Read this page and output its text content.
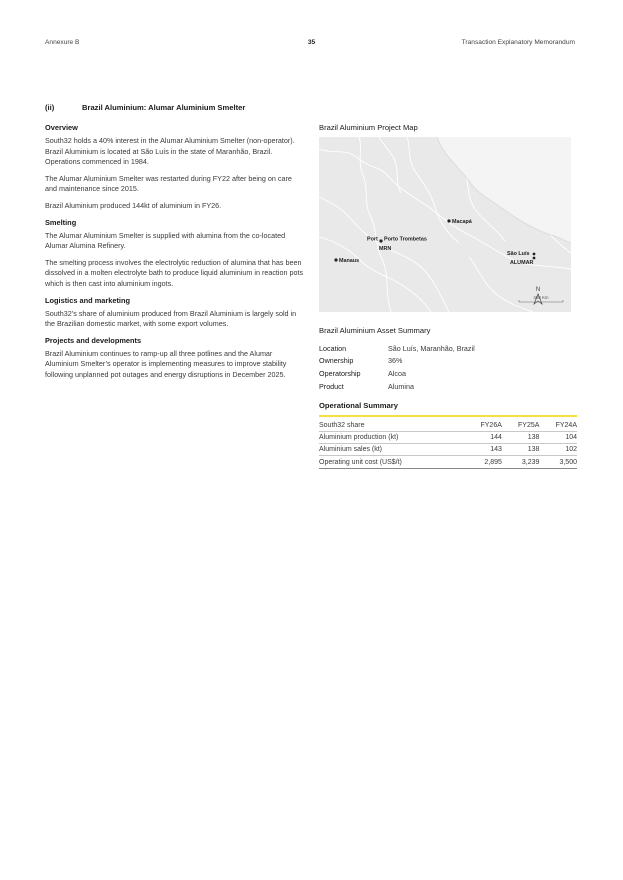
Annexure B	35	Transaction Explanatory Memorandum
(ii)	Brazil Aluminium: Alumar Aluminium Smelter
Overview

South32 holds a 40% interest in the Alumar Aluminium Smelter (non-operator). Brazil Aluminium is located at São Luís in the state of Maranhão, Brazil. Operations commenced in 1984.

The Alumar Aluminium Smelter was restarted during FY22 after being on care and maintenance since 2015.

Brazil Aluminium produced 144kt of aluminium in FY26.

Smelting

The Alumar Aluminium Smelter is supplied with alumina from the co-located Alumar Alumina Refinery.

The smelting process involves the electrolytic reduction of alumina that has been dissolved in a molten electrolyte bath to produce liquid aluminium in reaction pots which is then cast into aluminium ingots.

Logistics and marketing

South32’s share of aluminium produced from Brazil Aluminium is largely sold in the Brazilian domestic market, with some export volumes.

Projects and developments

Brazil Aluminium continues to ramp-up all three potlines and the Alumar Aluminium Smelter’s operator is implementing measures to improve stability following unplanned pot outages and energy disruptions in December 2025.

Brazil Aluminium Project Map
Macapá
Port Porto Trombetas
MRN
Manaus
São Luís
ALUMAR
N
400 Km
Brazil Aluminium Asset Summary
Location	São Luís, Maranhão, Brazil
Ownership	36%
Operatorship	Alcoa
Product	Alumina
Operational Summary
South32 share	FY26A	FY25A	FY24A
Aluminium production (kt)	144	138	104
Aluminium sales (kt)	143	138	102
Operating unit cost (US$/t)	2,895	3,239	3,500
